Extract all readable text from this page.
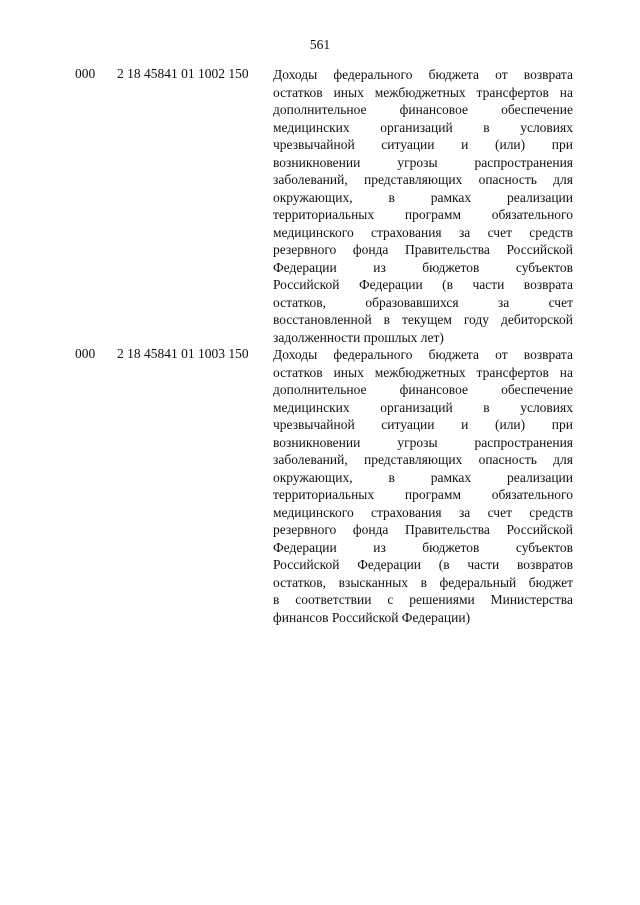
561
000 2 18 45841 01 1002 150 Доходы федерального бюджета от возврата
остатков иных межбюджетных трансфертов на
дополнительное финансовое обеспечение
медицинских организаций в условиях
чрезвычайной ситуации и (или) при
возникновении угрозы распространения
заболеваний, представляющих опасность для
окружающих, в рамках реализации
территориальных программ обязательного
медицинского страхования за счет средств
резервного фонда Правительства Российской
Федерации из бюджетов субъектов
Российской Федерации (в части возврата
остатков, образовавшихся за счет
восстановленной в текущем году дебиторской
задолженности прошлых лет)
000 2 18 45841 01 1003 150 Доходы федерального бюджета от возврата
остатков иных межбюджетных трансфертов на
дополнительное финансовое обеспечение
медицинских организаций в условиях
чрезвычайной ситуации и (или) при
возникновении угрозы распространения
заболеваний, представляющих опасность для
окружающих, в рамках реализации
территориальных программ обязательного
медицинского страхования за счет средств
резервного фонда Правительства Российской
Федерации из бюджетов субъектов
Российской Федерации (в части возвратов
остатков, взысканных в федеральный бюджет
в соответствии с решениями Министерства
финансов Российской Федерации)
